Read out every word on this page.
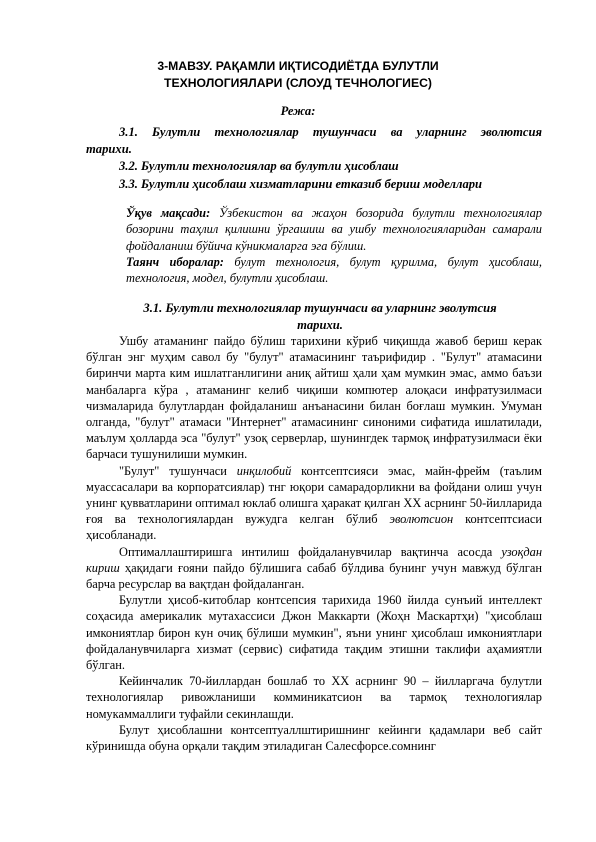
3-МАВЗУ. РАҚАМЛИ ИҚТИСОДИЁТДА БУЛУТЛИ
ТЕХНОЛОГИЯЛАРИ (СЛОУД ТЕЧНОЛОГИЕС)
Режа:
3.1. Булутли технологиялар тушунчаси ва уларнинг эволютсия
тарихи.
3.2. Булутли технологиялар ва булутли ҳисоблаш
3.3. Булутли ҳисоблаш хизматларини етказиб бериш моделлари
Ўқув мақсади: Ўзбекистон ва жаҳон бозорида булутли технологиялар бозорини таҳлил қилишни ўргашиш ва ушбу технологияларидан самарали фойдаланиш бўйича кўникмаларга эга бўлиш.
Таянч иборалар: булут технология, булут қурилма, булут ҳисоблаш, технология, модел, булутли ҳисоблаш.
3.1. Булутли технологиялар тушунчаси ва уларнинг эволутсия
тарихи.

Ушбу атаманинг пайдо бўлиш тарихини кўриб чиқишда жавоб бериш керак бўлган энг муҳим савол бу "булут" атамасининг таърифидир . "Булут" атамасини биринчи марта ким ишлатганлигини аниқ айтиш ҳали ҳам мумкин эмас, аммо баъзи манбаларга кўра , атаманинг келиб чиқиши компютер алоқаси инфратузилмаси чизмаларида булутлардан фойдаланиш анъанасини билан боғлаш мумкин. Умуман олганда, "булут" атамаси "Интернет" атамасининг синоними сифатида ишлатилади, маълум ҳолларда эса "булут" узоқ серверлар, шунингдек тармоқ инфратузилмаси ёки барчаси тушунилиши мумкин.

"Булут" тушунчаси инқилобий контсептсияси эмас, майн-фрейм (таълим муассасалари ва корпоратсиялар) тнг юқори самарадорликни ва фойдани олиш учун унинг қувватларини оптимал юклаб олишга ҳаракат қилган ХХ асрнинг 50-йилларида ғоя ва технологиялардан вужудга келган бўлиб эволютсион контсептсиаси ҳисобланади.

Оптималлаштиришга интилиш фойдаланувчилар вақтинча асосда узоқдан кириш ҳақидаги ғояни пайдо бўлишига сабаб бўлдива бунинг учун мавжуд бўлган барча ресурслар ва вақтдан фойдаланган.

Булутли ҳисоб-китоблар контсепсия тарихида 1960 йилда сунъий интеллект соҳасида америкалик мутахассиси Джон Маккарти (Жоҳн Маскартҳи) "ҳисоблаш имкониятлар бирон кун очиқ бўлиши мумкин", яъни унинг ҳисоблаш имкониятлари фойдаланувчиларга хизмат (сервис) сифатида тақдим этишни таклифи аҳамиятли бўлган.

Кейинчалик 70-йиллардан бошлаб то ХХ асрнинг 90 – йилларгача булутли технологиялар ривожланиши комминикатсион ва тармоқ технологиялар номукаммаллиги туфайли секинлашди.

Булут ҳисоблашни контсептуаллштиришнинг кейинги қадамлари веб сайт кўринишда обуна орқали тақдим этиладиган Салесфорсе.сомнинг
